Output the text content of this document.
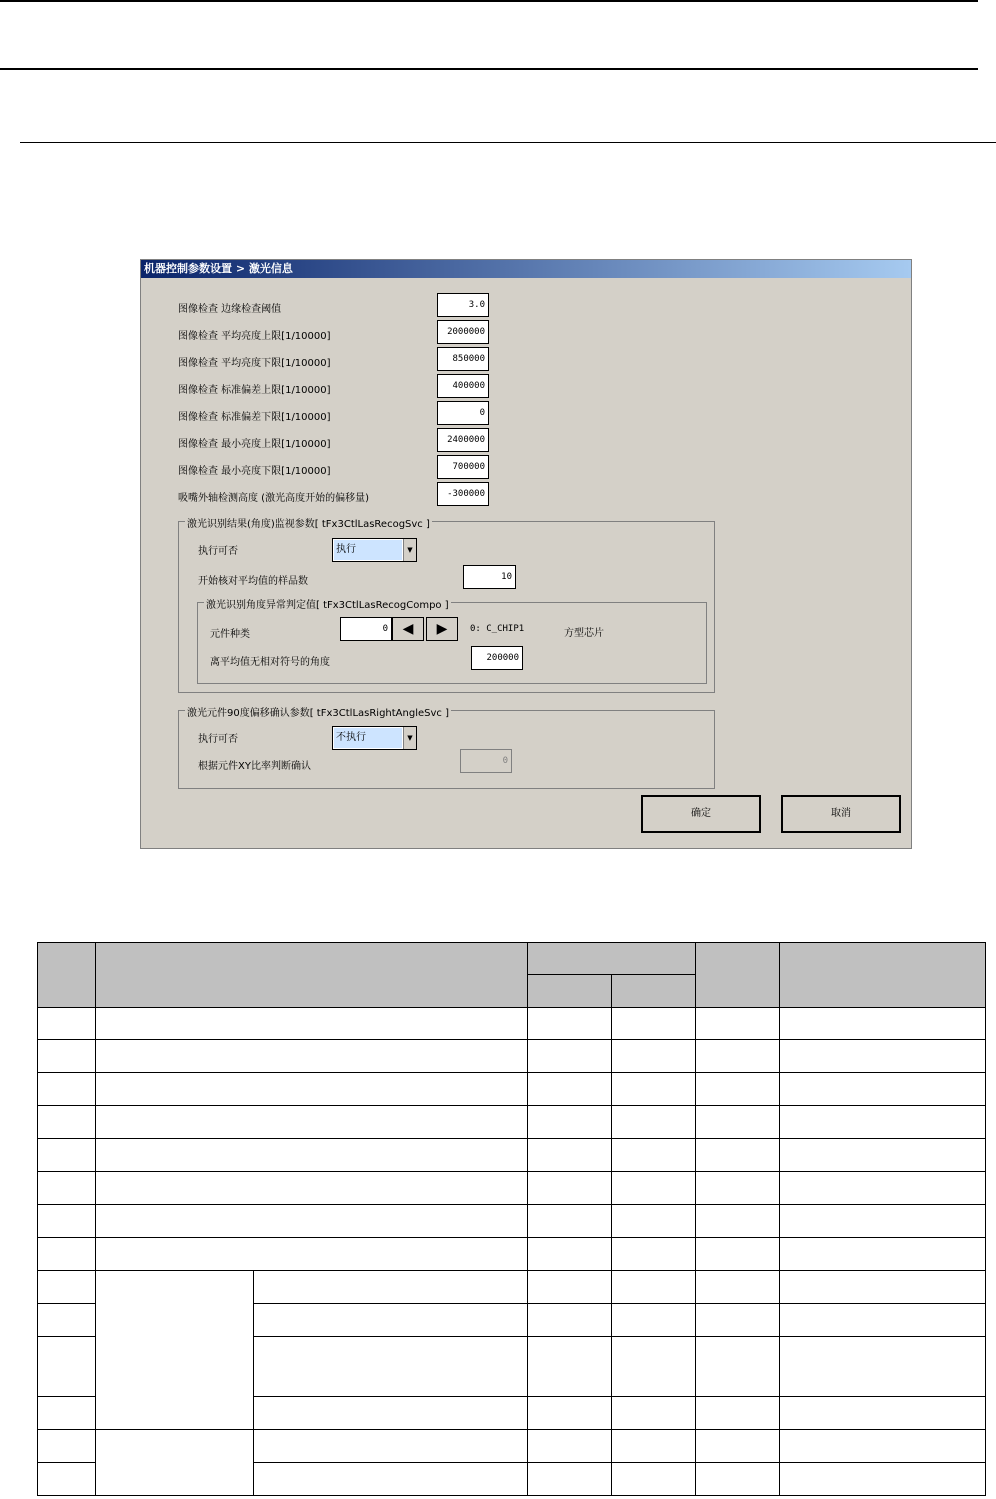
机器控制参数设置 > 激光信息
图像检查 边缘检查阈值	3.0
图像检查 平均亮度上限[1/10000]	2000000
图像检查 平均亮度下限[1/10000]	850000
图像检查 标准偏差上限[1/10000]	400000
图像检查 标准偏差下限[1/10000]	0
图像检查 最小亮度上限[1/10000]	2400000
图像检查 最小亮度下限[1/10000]	700000
吸嘴外轴检测高度 (激光高度开始的偏移量)	-300000
激光识别结果(角度)监视参数[ tFx3CtlLasRecogSvc ]
执行可否	执行	▼
开始核对平均值的样品数	10
激光识别角度异常判定值[ tFx3CtlLasRecogCompo ]
元件种类	0	◀	▶	0: C_CHIP1	方型芯片
离平均值无相对符号的角度	200000
激光元件90度偏移确认参数[ tFx3CtlLasRightAngleSvc ]
执行可否	不执行	▼
根据元件XY比率判断确认	0
确定	取消
